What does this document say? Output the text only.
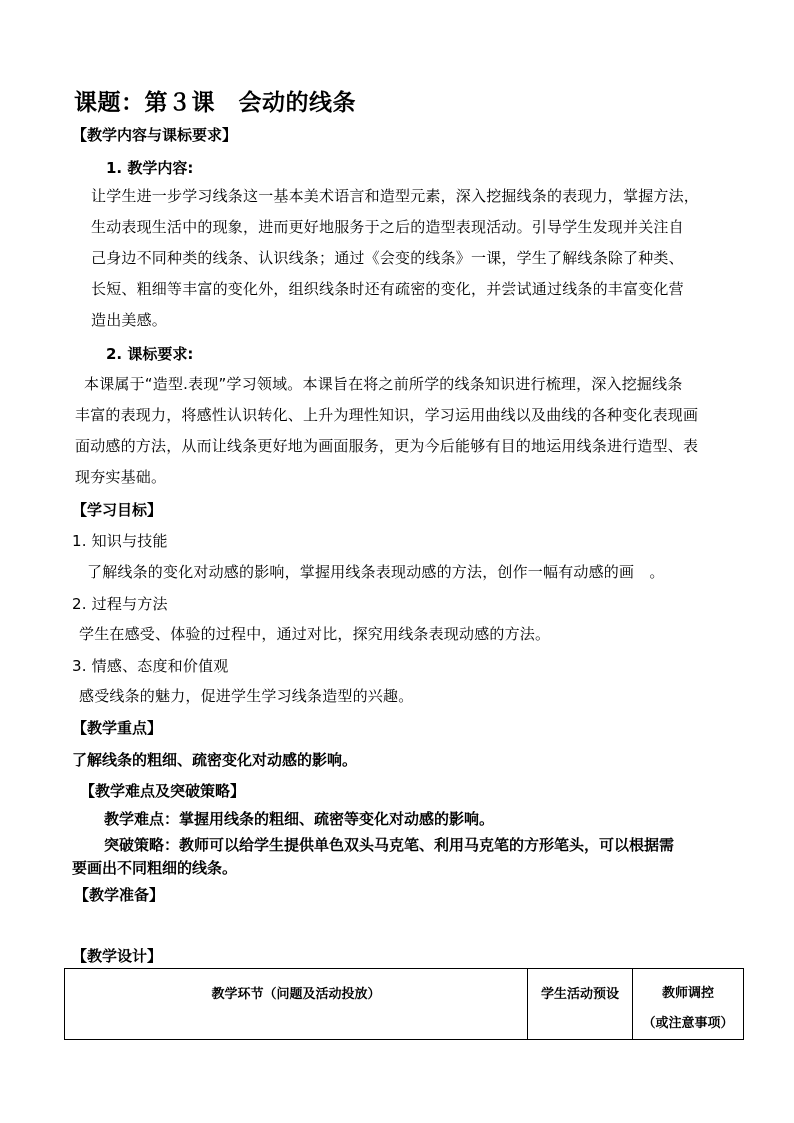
课题：第３课　会动的线条
【教学内容与课标要求】
1. 教学内容:
让学生进一步学习线条这一基本美术语言和造型元素，深入挖掘线条的表现力，掌握方法，
生动表现生活中的现象，进而更好地服务于之后的造型表现活动。引导学生发现并关注自
己身边不同种类的线条、认识线条；通过《会变的线条》一课，学生了解线条除了种类、
长短、粗细等丰富的变化外，组织线条时还有疏密的变化，并尝试通过线条的丰富变化营
造出美感。
2. 课标要求:
本课属于“造型.表现”学习领域。本课旨在将之前所学的线条知识进行梳理，深入挖掘线条
丰富的表现力，将感性认识转化、上升为理性知识，学习运用曲线以及曲线的各种变化表现画
面动感的方法，从而让线条更好地为画面服务，更为今后能够有目的地运用线条进行造型、表
现夯实基础。
【学习目标】
1. 知识与技能
了解线条的变化对动感的影响，掌握用线条表现动感的方法，创作一幅有动感的画　。
2. 过程与方法
学生在感受、体验的过程中，通过对比，探究用线条表现动感的方法。
3. 情感、态度和价值观
感受线条的魅力，促进学生学习线条造型的兴趣。
【教学重点】
了解线条的粗细、疏密变化对动感的影响。
【教学难点及突破策略】
教学难点：掌握用线条的粗细、疏密等变化对动感的影响。
突破策略：教师可以给学生提供单色双头马克笔、利用马克笔的方形笔头，可以根据需
要画出不同粗细的线条。
【教学准备】
【教学设计】
教学环节（问题及活动投放）	学生活动预设	教师调控
（或注意事项）
